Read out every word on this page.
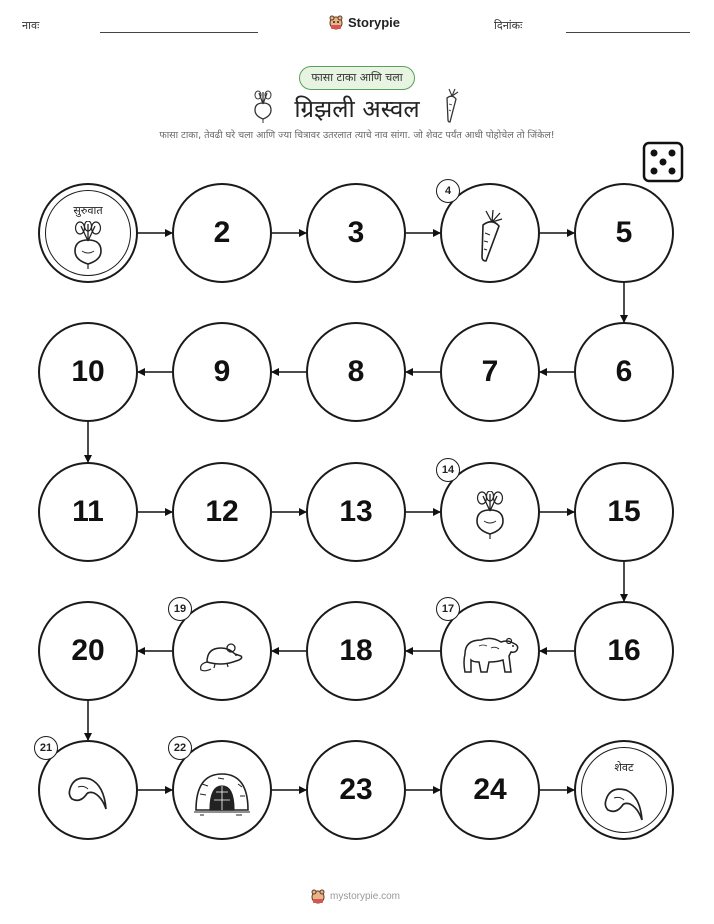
नावः	Storypie	दिनांकः
फासा टाका आणि चला
ग्रिझली अस्वल
फासा टाका, तेवढी घरे चला आणि ज्या चित्रावर उतरलात त्याचे नाव सांगा. जो शेवट पर्यंत आधी पोहोचेल तो जिंकेल!
सुरुवात
2	3
4
5
6
7
8
9
10
11	12	13
14
15
16
17
18
19
20
21	22
23	24
शेवट
mystorypie.com
